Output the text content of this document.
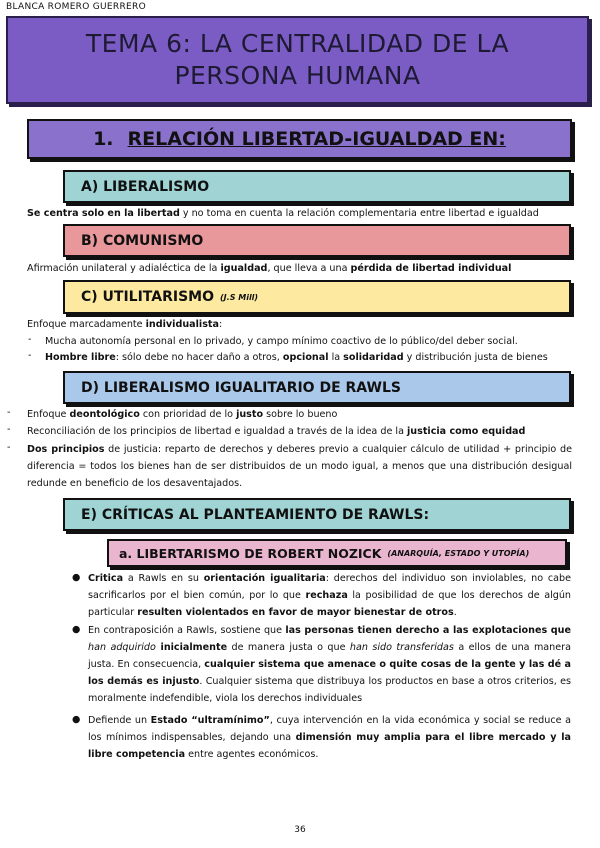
BLANCA ROMERO GUERRERO
TEMA 6: LA CENTRALIDAD DE LA PERSONA HUMANA
1. RELACIÓN LIBERTAD-IGUALDAD EN:
A) LIBERALISMO
Se centra solo en la libertad y no toma en cuenta la relación complementaria entre libertad e igualdad
B) COMUNISMO
Afirmación unilateral y adialéctica de la igualdad, que lleva a una pérdida de libertad individual
C) UTILITARISMO (J.S Mill)
Enfoque marcadamente individualista:
- Mucha autonomía personal en lo privado, y campo mínimo coactivo de lo público/del deber social.
- Hombre libre: sólo debe no hacer daño a otros, opcional la solidaridad y distribución justa de bienes
D) LIBERALISMO IGUALITARIO DE RAWLS
- Enfoque deontológico con prioridad de lo justo sobre lo bueno
- Reconciliación de los principios de libertad e igualdad a través de la idea de la justicia como equidad
- Dos principios de justicia: reparto de derechos y deberes previo a cualquier cálculo de utilidad + principio de diferencia = todos los bienes han de ser distribuidos de un modo igual, a menos que una distribución desigual redunde en beneficio de los desaventajados.
E) CRÍTICAS AL PLANTEAMIENTO DE RAWLS:
a. LIBERTARISMO DE ROBERT NOZICK (ANARQUÍA, ESTADO Y UTOPÍA)
● Critica a Rawls en su orientación igualitaria: derechos del individuo son inviolables, no cabe sacrificarlos por el bien común, por lo que rechaza la posibilidad de que los derechos de algún particular resulten violentados en favor de mayor bienestar de otros.
● En contraposición a Rawls, sostiene que las personas tienen derecho a las explotaciones que han adquirido inicialmente de manera justa o que han sido transferidas a ellos de una manera justa. En consecuencia, cualquier sistema que amenace o quite cosas de la gente y las dé a los demás es injusto. Cualquier sistema que distribuya los productos en base a otros criterios, es moralmente indefendible, viola los derechos individuales
● Defiende un Estado “ultramínimo”, cuya intervención en la vida económica y social se reduce a los mínimos indispensables, dejando una dimensión muy amplia para el libre mercado y la libre competencia entre agentes económicos.
36
